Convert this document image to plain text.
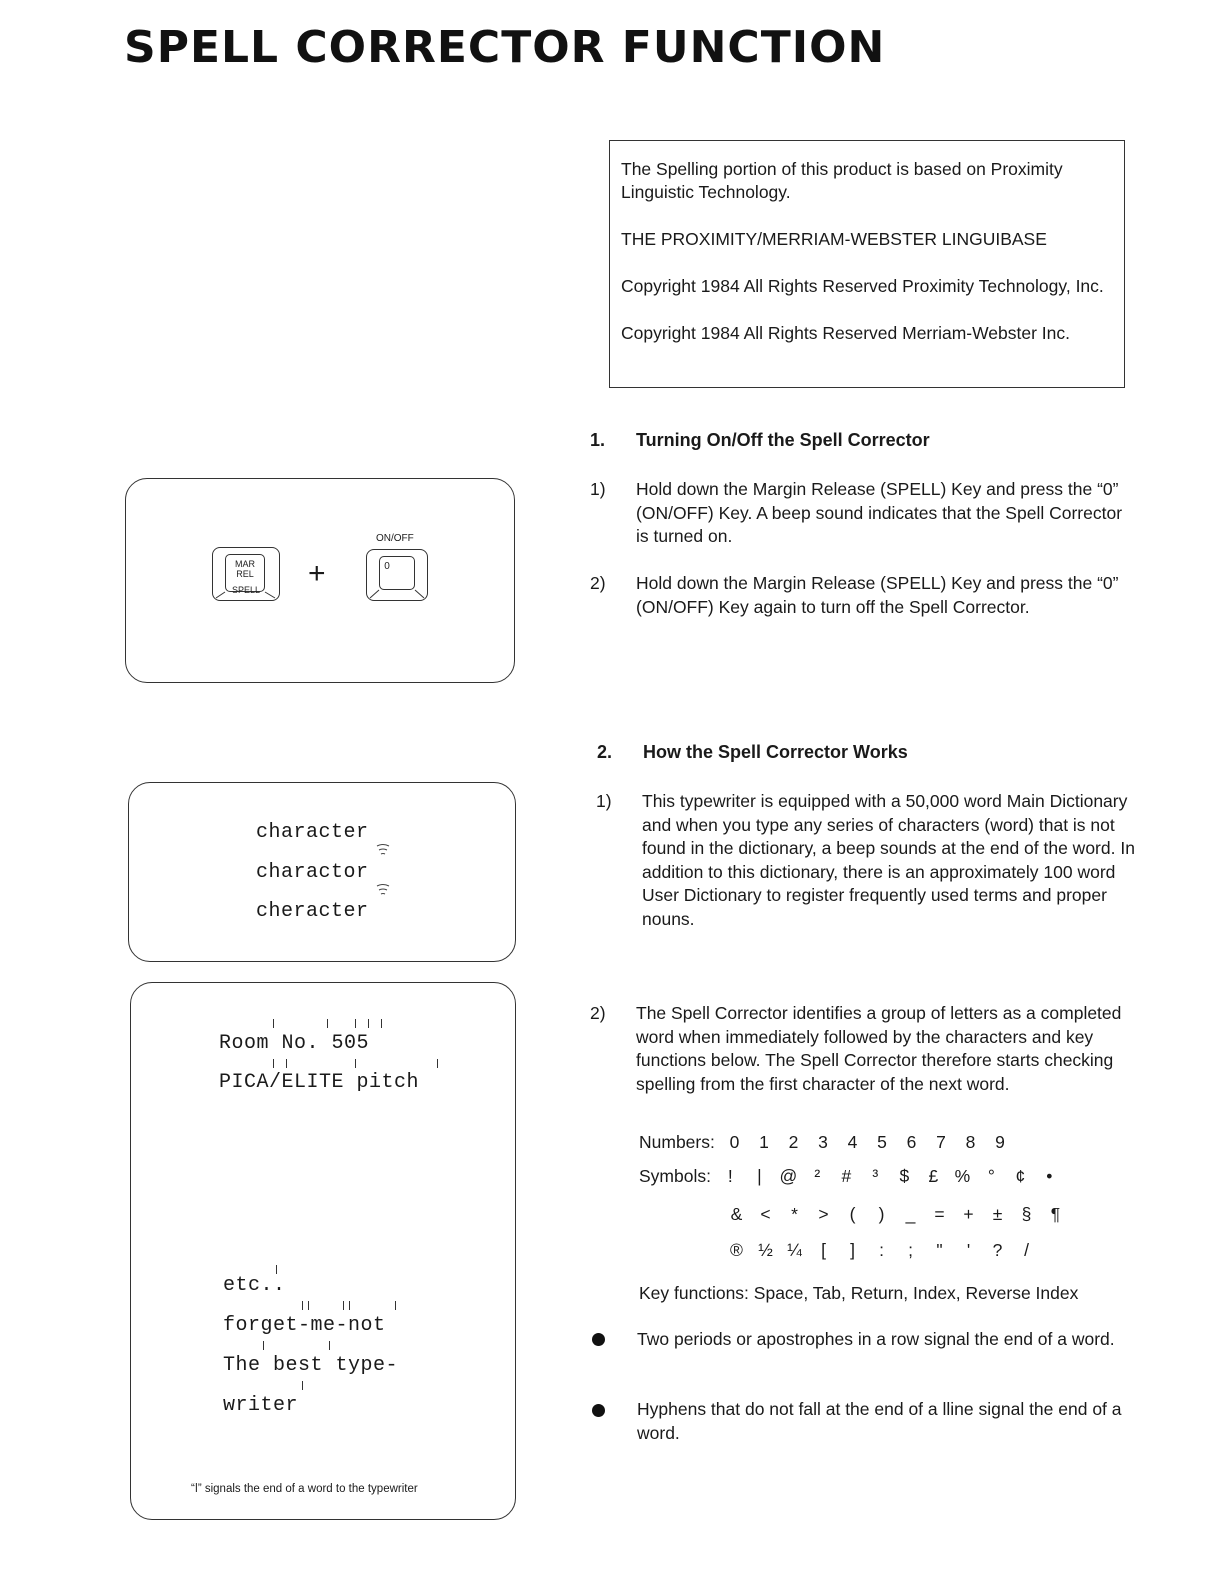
SPELL CORRECTOR FUNCTION

The Spelling portion of this product is based on Proximity Linguistic Technology.

THE PROXIMITY/MERRIAM-WEBSTER LINGUIBASE

Copyright 1984 All Rights Reserved Proximity Technology, Inc.

Copyright 1984 All Rights Reserved Merriam-Webster Inc.

1. Turning On/Off the Spell Corrector
1) Hold down the Margin Release (SPELL) Key and press the “0” (ON/OFF) Key. A beep sound indicates that the Spell Corrector is turned on.
2) Hold down the Margin Release (SPELL) Key and press the “0” (ON/OFF) Key again to turn off the Spell Corrector.
MAR
REL
SPELL +
ON/OFF
0
2. How the Spell Corrector Works
1) This typewriter is equipped with a 50,000 word Main Dictionary and when you type any series of characters (word) that is not found in the dictionary, a beep sounds at the end of the word. In addition to this dictionary, there is an approximately 100 word User Dictionary to register frequently used terms and proper nouns.
character
charactor
cheracter
2) The Spell Corrector identifies a group of letters as a completed word when immediately followed by the characters and key functions below. The Spell Corrector therefore starts checking spelling from the first character of the next word.
Numbers: 0 1 2 3 4 5 6 7 8 9
Symbols: ! | @ ² # ³ $ £ % ° ¢ •
& < * > ( ) _ = + ± § ¶
® ½ ¼ [ ] : ; " ' ? /
Key functions: Space, Tab, Return, Index, Reverse Index
Two periods or apostrophes in a row signal the end of a word.
Hyphens that do not fall at the end of a lline signal the end of a word.
Room No. 505
PICA/ELITE pitch
etc..
forget-me-not
The best type-
writer
“ǀ” signals the end of a word to the typewriter
